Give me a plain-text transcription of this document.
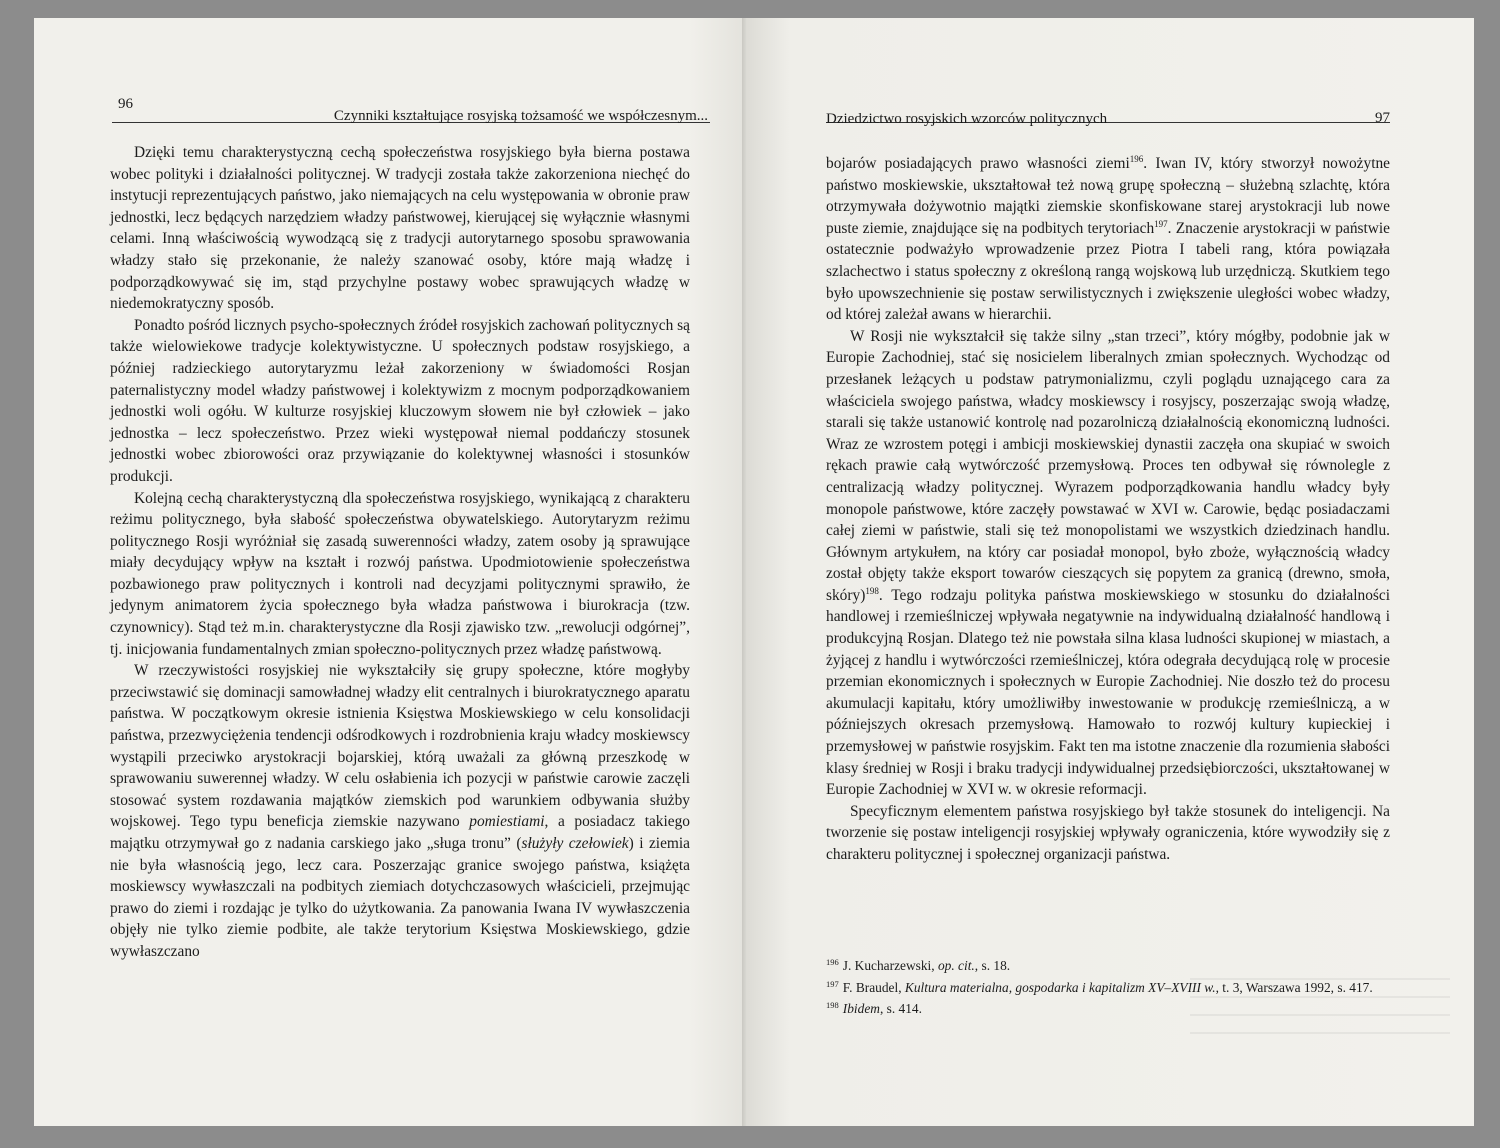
96
Czynniki kształtujące rosyjską tożsamość we współczesnym...

Dzięki temu charakterystyczną cechą społeczeństwa rosyjskiego była bierna postawa wobec polityki i działalności politycznej. W tradycji została także zakorzeniona niechęć do instytucji reprezentujących państwo, jako niemających na celu występowania w obronie praw jednostki, lecz będących narzędziem władzy państwowej, kierującej się wyłącznie własnymi celami. Inną właściwością wywodzącą się z tradycji autorytarnego sposobu sprawowania władzy stało się przekonanie, że należy szanować osoby, które mają władzę i podporządkowywać się im, stąd przychylne postawy wobec sprawujących władzę w niedemokratyczny sposób.

Ponadto pośród licznych psycho-społecznych źródeł rosyjskich zachowań politycznych są także wielowiekowe tradycje kolektywistyczne. U społecznych podstaw rosyjskiego, a później radzieckiego autorytaryzmu leżał zakorzeniony w świadomości Rosjan paternalistyczny model władzy państwowej i kolektywizm z mocnym podporządkowaniem jednostki woli ogółu. W kulturze rosyjskiej kluczowym słowem nie był człowiek – jako jednostka – lecz społeczeństwo. Przez wieki występował niemal poddańczy stosunek jednostki wobec zbiorowości oraz przywiązanie do kolektywnej własności i stosunków produkcji.

Kolejną cechą charakterystyczną dla społeczeństwa rosyjskiego, wynikającą z charakteru reżimu politycznego, była słabość społeczeństwa obywatelskiego. Autorytaryzm reżimu politycznego Rosji wyróżniał się zasadą suwerenności władzy, zatem osoby ją sprawujące miały decydujący wpływ na kształt i rozwój państwa. Upodmiotowienie społeczeństwa pozbawionego praw politycznych i kontroli nad decyzjami politycznymi sprawiło, że jedynym animatorem życia społecznego była władza państwowa i biurokracja (tzw. czynownicy). Stąd też m.in. charakterystyczne dla Rosji zjawisko tzw. „rewolucji odgórnej”, tj. inicjowania fundamentalnych zmian społeczno-politycznych przez władzę państwową.

W rzeczywistości rosyjskiej nie wykształciły się grupy społeczne, które mogłyby przeciwstawić się dominacji samowładnej władzy elit centralnych i biurokratycznego aparatu państwa. W początkowym okresie istnienia Księstwa Moskiewskiego w celu konsolidacji państwa, przezwyciężenia tendencji odśrodkowych i rozdrobnienia kraju władcy moskiewscy wystąpili przeciwko arystokracji bojarskiej, którą uważali za główną przeszkodę w sprawowaniu suwerennej władzy. W celu osłabienia ich pozycji w państwie carowie zaczęli stosować system rozdawania majątków ziemskich pod warunkiem odbywania służby wojskowej. Tego typu beneficja ziemskie nazywano pomiestiami, a posiadacz takiego majątku otrzymywał go z nadania carskiego jako „sługa tronu” (służyły czełowiek) i ziemia nie była własnością jego, lecz cara. Poszerzając granice swojego państwa, książęta moskiewscy wywłaszczali na podbitych ziemiach dotychczasowych właścicieli, przejmując prawo do ziemi i rozdając je tylko do użytkowania. Za panowania Iwana IV wywłaszczenia objęły nie tylko ziemie podbite, ale także terytorium Księstwa Moskiewskiego, gdzie wywłaszczano

Dziedzictwo rosyjskich wzorców politycznych	97

bojarów posiadających prawo własności ziemi$^{196}$. Iwan IV, który stworzył nowożytne państwo moskiewskie, ukształtował też nową grupę społeczną – służebną szlachtę, która otrzymywała dożywotnio majątki ziemskie skonfiskowane starej arystokracji lub nowe puste ziemie, znajdujące się na podbitych terytoriach$^{197}$. Znaczenie arystokracji w państwie ostatecznie podważyło wprowadzenie przez Piotra I tabeli rang, która powiązała szlachectwo i status społeczny z określoną rangą wojskową lub urzędniczą. Skutkiem tego było upowszechnienie się postaw serwilistycznych i zwiększenie uległości wobec władzy, od której zależał awans w hierarchii.

W Rosji nie wykształcił się także silny „stan trzeci”, który mógłby, podobnie jak w Europie Zachodniej, stać się nosicielem liberalnych zmian społecznych. Wychodząc od przesłanek leżących u podstaw patrymonializmu, czyli poglądu uznającego cara za właściciela swojego państwa, władcy moskiewscy i rosyjscy, poszerzając swoją władzę, starali się także ustanowić kontrolę nad pozarolniczą działalnością ekonomiczną ludności. Wraz ze wzrostem potęgi i ambicji moskiewskiej dynastii zaczęła ona skupiać w swoich rękach prawie całą wytwórczość przemysłową. Proces ten odbywał się równolegle z centralizacją władzy politycznej. Wyrazem podporządkowania handlu władcy były monopole państwowe, które zaczęły powstawać w XVI w. Carowie, będąc posiadaczami całej ziemi w państwie, stali się też monopolistami we wszystkich dziedzinach handlu. Głównym artykułem, na który car posiadał monopol, było zboże, wyłącznością władcy został objęty także eksport towarów cieszących się popytem za granicą (drewno, smoła, skóry)$^{198}$. Tego rodzaju polityka państwa moskiewskiego w stosunku do działalności handlowej i rzemieślniczej wpływała negatywnie na indywidualną działalność handlową i produkcyjną Rosjan. Dlatego też nie powstała silna klasa ludności skupionej w miastach, a żyjącej z handlu i wytwórczości rzemieślniczej, która odegrała decydującą rolę w procesie przemian ekonomicznych i społecznych w Europie Zachodniej. Nie doszło też do procesu akumulacji kapitału, który umożliwiłby inwestowanie w produkcję rzemieślniczą, a w późniejszych okresach przemysłową. Hamowało to rozwój kultury kupieckiej i przemysłowej w państwie rosyjskim. Fakt ten ma istotne znaczenie dla rozumienia słabości klasy średniej w Rosji i braku tradycji indywidualnej przedsiębiorczości, ukształtowanej w Europie Zachodniej w XVI w. w okresie reformacji.

Specyficznym elementem państwa rosyjskiego był także stosunek do inteligencji. Na tworzenie się postaw inteligencji rosyjskiej wpływały ograniczenia, które wywodziły się z charakteru politycznej i społecznej organizacji państwa.

$^{196}$ J. Kucharzewski, op. cit., s. 18.
$^{197}$ F. Braudel, Kultura materialna, gospodarka i kapitalizm XV–XVIII w., t. 3, Warszawa 1992, s. 417.
$^{198}$ Ibidem, s. 414.
